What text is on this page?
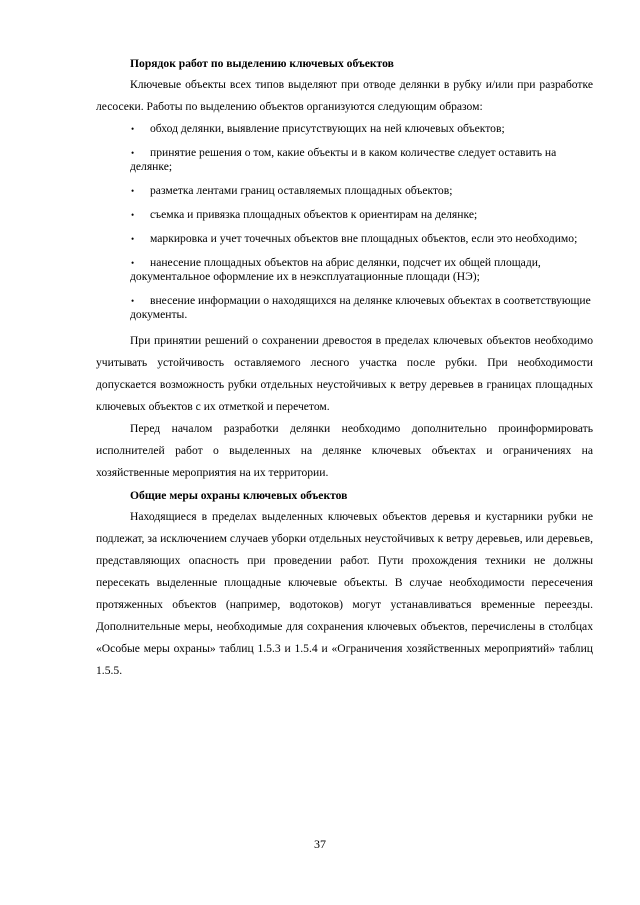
Порядок работ по выделению ключевых объектов

Ключевые объекты всех типов выделяют при отводе делянки в рубку и/или при разработке лесосеки. Работы по выделению объектов организуются следующим образом:

•	обход делянки, выявление присутствующих на ней ключевых объектов;
•	принятие решения о том, какие объекты и в каком количестве следует оставить на делянке;
•	разметка лентами границ оставляемых площадных объектов;
•	съемка и привязка площадных объектов к ориентирам на делянке;
•	маркировка и учет точечных объектов вне площадных объектов, если это необходимо;
•	нанесение площадных объектов на абрис делянки, подсчет их общей площади, документальное оформление их в неэксплуатационные площади (НЭ);
•	внесение информации о находящихся на делянке ключевых объектах в соответствующие документы.

При принятии решений о сохранении древостоя в пределах ключевых объектов необходимо учитывать устойчивость оставляемого лесного участка после рубки. При необходимости допускается возможность рубки отдельных неустойчивых к ветру деревьев в границах площадных ключевых объектов с их отметкой и перечетом.

Перед началом разработки делянки необходимо дополнительно проинформировать исполнителей работ о выделенных на делянке ключевых объектах и ограничениях на хозяйственные мероприятия на их территории.

Общие меры охраны ключевых объектов

Находящиеся в пределах выделенных ключевых объектов деревья и кустарники рубки не подлежат, за исключением случаев уборки отдельных неустойчивых к ветру деревьев, или деревьев, представляющих опасность при проведении работ. Пути прохождения техники не должны пересекать выделенные площадные ключевые объекты. В случае необходимости пересечения протяженных объектов (например, водотоков) могут устанавливаться временные переезды. Дополнительные меры, необходимые для сохранения ключевых объектов, перечислены в столбцах «Особые меры охраны» таблиц 1.5.3 и 1.5.4 и «Ограничения хозяйственных мероприятий» таблиц 1.5.5.

37
